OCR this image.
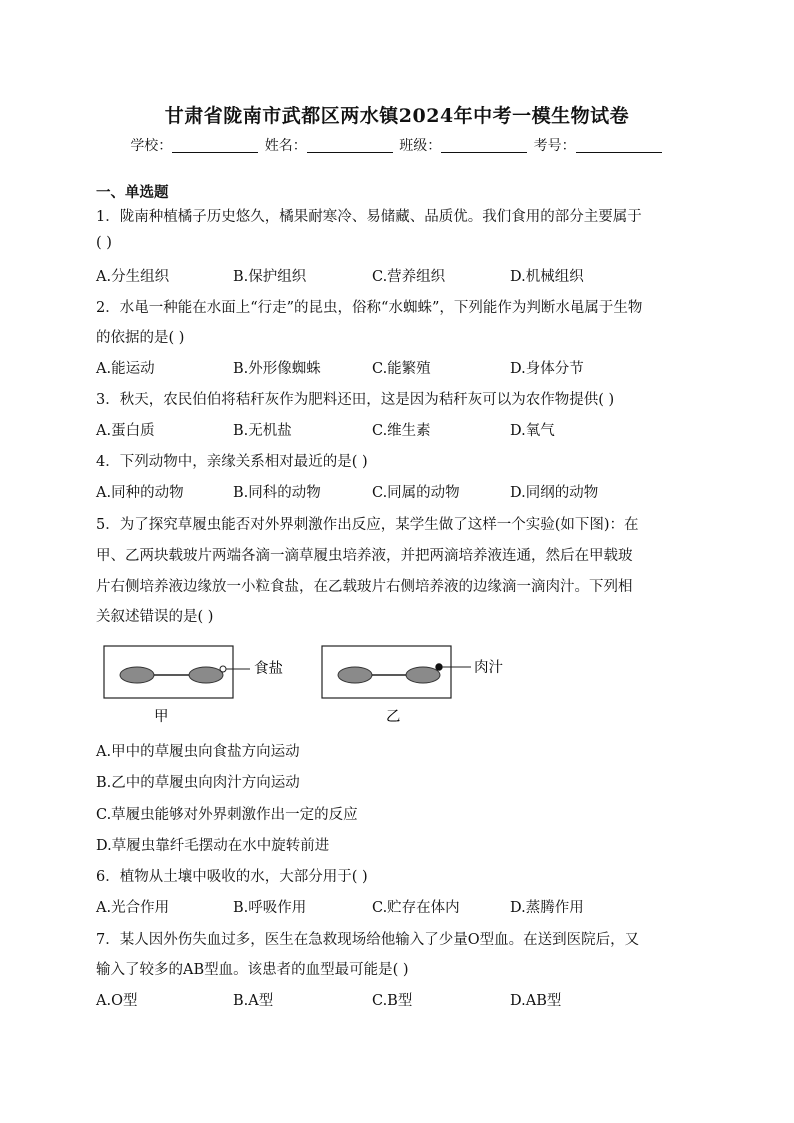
甘肃省陇南市武都区两水镇2024年中考一模生物试卷
学校：	姓名：	班级：	考号：
一、单选题
1．陇南种植橘子历史悠久，橘果耐寒冷、易储藏、品质优。我们食用的部分主要属于
( )
A.分生组织	B.保护组织	C.营养组织	D.机械组织
2．水黾一种能在水面上“行走”的昆虫，俗称“水蜘蛛”，下列能作为判断水黾属于生物
的依据的是( )
A.能运动	B.外形像蜘蛛	C.能繁殖	D.身体分节
3．秋天，农民伯伯将秸秆灰作为肥料还田，这是因为秸秆灰可以为农作物提供( )
A.蛋白质	B.无机盐	C.维生素	D.氧气
4．下列动物中，亲缘关系相对最近的是( )
A.同种的动物	B.同科的动物	C.同属的动物	D.同纲的动物
5．为了探究草履虫能否对外界刺激作出反应，某学生做了这样一个实验(如下图)：在
甲、乙两块载玻片两端各滴一滴草履虫培养液，并把两滴培养液连通，然后在甲载玻
片右侧培养液边缘放一小粒食盐，在乙载玻片右侧培养液的边缘滴一滴肉汁。下列相
关叙述错误的是( )
食盐
甲
肉汁
乙
A.甲中的草履虫向食盐方向运动
B.乙中的草履虫向肉汁方向运动
C.草履虫能够对外界刺激作出一定的反应
D.草履虫靠纤毛摆动在水中旋转前进
6．植物从土壤中吸收的水，大部分用于( )
A.光合作用	B.呼吸作用	C.贮存在体内	D.蒸腾作用
7．某人因外伤失血过多，医生在急救现场给他输入了少量O型血。在送到医院后，又
输入了较多的AB型血。该患者的血型最可能是( )
A.O型	B.A型	C.B型	D.AB型
